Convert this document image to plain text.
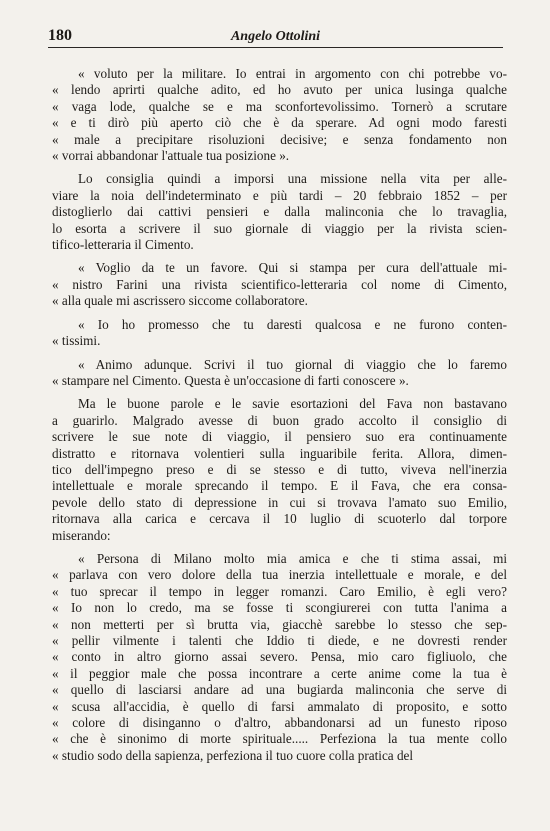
180	Angelo Ottolini

« voluto per la militare. Io entrai in argomento con chi potrebbe vo-
« lendo aprirti qualche adito, ed ho avuto per unica lusinga qualche
« vaga lode, qualche se e ma sconfortevolissimo. Tornerò a scrutare
« e ti dirò più aperto ciò che è da sperare. Ad ogni modo faresti
« male a precipitare risoluzioni decisive; e senza fondamento non
« vorrai abbandonar l'attuale tua posizione ».

Lo consiglia quindi a imporsi una missione nella vita per alle-
viare la noia dell'indeterminato e più tardi – 20 febbraio 1852 – per
distoglierlo dai cattivi pensieri e dalla malinconia che lo travaglia,
lo esorta a scrivere il suo giornale di viaggio per la rivista scien-
tifico-letteraria il Cimento.

« Voglio da te un favore. Qui si stampa per cura dell'attuale mi-
« nistro Farini una rivista scientifico-letteraria col nome di Cimento,
« alla quale mi ascrissero siccome collaboratore.

« Io ho promesso che tu daresti qualcosa e ne furono conten-
« tissimi.

« Animo adunque. Scrivi il tuo giornal di viaggio che lo faremo
« stampare nel Cimento. Questa è un'occasione di farti conoscere ».

Ma le buone parole e le savie esortazioni del Fava non bastavano
a guarirlo. Malgrado avesse di buon grado accolto il consiglio di
scrivere le sue note di viaggio, il pensiero suo era continuamente
distratto e ritornava volentieri sulla inguaribile ferita. Allora, dimen-
tico dell'impegno preso e di se stesso e di tutto, viveva nell'inerzia
intellettuale e morale sprecando il tempo. E il Fava, che era consa-
pevole dello stato di depressione in cui si trovava l'amato suo Emilio,
ritornava alla carica e cercava il 10 luglio di scuoterlo dal torpore
miserando:

« Persona di Milano molto mia amica e che ti stima assai, mi
« parlava con vero dolore della tua inerzia intellettuale e morale, e del
« tuo sprecar il tempo in legger romanzi. Caro Emilio, è egli vero?
« Io non lo credo, ma se fosse ti scongiurerei con tutta l'anima a
« non metterti per sì brutta via, giacchè sarebbe lo stesso che sep-
« pellir vilmente i talenti che Iddio ti diede, e ne dovresti render
« conto in altro giorno assai severo. Pensa, mio caro figliuolo, che
« il peggior male che possa incontrare a certe anime come la tua è
« quello di lasciarsi andare ad una bugiarda malinconia che serve di
« scusa all'accidia, è quello di farsi ammalato di proposito, e sotto
« colore di disinganno o d'altro, abbandonarsi ad un funesto riposo
« che è sinonimo di morte spirituale..... Perfeziona la tua mente collo
« studio sodo della sapienza, perfeziona il tuo cuore colla pratica del
